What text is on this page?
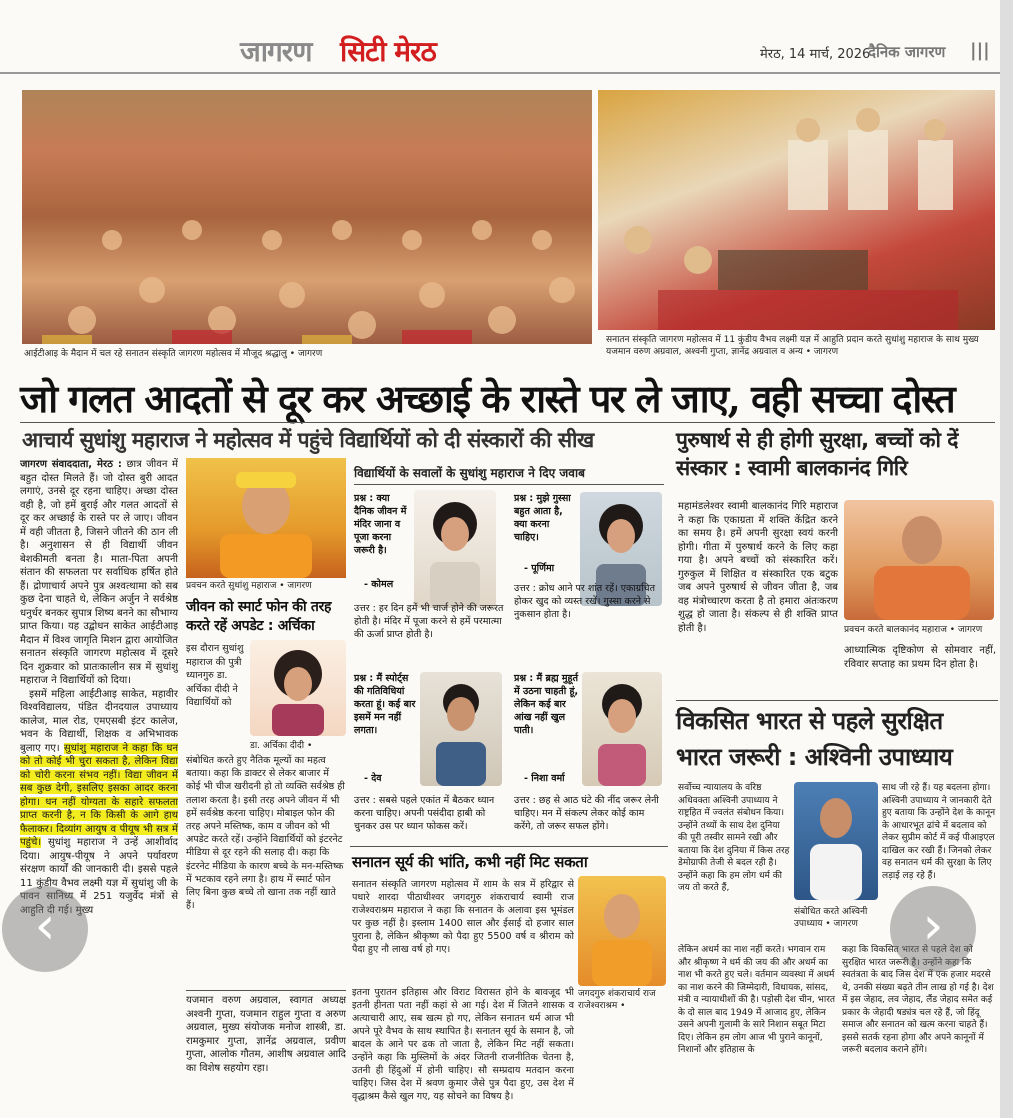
जागरण सिटी मेरठ	मेरठ, 14 मार्च, 2026
दैनिक जागरण |||
आईटीआइ के मैदान में चल रहे सनातन संस्कृति जागरण महोत्सव में मौजूद श्रद्धालु • जागरण
सनातन संस्कृति जागरण महोत्सव में 11 कुंडीय वैभव लक्ष्मी यज्ञ में आहुति प्रदान करते सुधांशु महाराज के साथ मुख्य यजमान वरुण अग्रवाल, अश्वनी गुप्ता, ज्ञानेंद्र अग्रवाल व अन्य • जागरण
जो गलत आदतों से दूर कर अच्छाई के रास्ते पर ले जाए, वही सच्चा दोस्त
आचार्य सुधांशु महाराज ने महोत्सव में पहुंचे विद्यार्थियों को दी संस्कारों की सीख
जागरण संवाददाता, मेरठ : छात्र जीवन में बहुत दोस्त मिलते हैं। जो दोस्त बुरी आदत लगाएं, उनसे दूर रहना चाहिए। अच्छा दोस्त वही है, जो हमें बुराई और गलत आदतों से दूर कर अच्छाई के रास्ते पर ले जाए। जीवन में वही जीतता है, जिसने जीतने की ठान ली है। अनुशासन से ही विद्यार्थी जीवन बेशकीमती बनता है। माता-पिता अपनी संतान की सफलता पर सर्वाधिक हर्षित होते हैं। द्रोणाचार्य अपने पुत्र अश्वत्थामा को सब कुछ देना चाहते थे, लेकिन अर्जुन ने सर्वश्रेष्ठ धनुर्धर बनकर सुपात्र शिष्य बनने का सौभाग्य प्राप्त किया। यह उद्बोधन साकेत आईटीआइ मैदान में विश्व जागृति मिशन द्वारा आयोजित सनातन संस्कृति जागरण महोत्सव में दूसरे दिन शुक्रवार को प्रातःकालीन सत्र में सुधांशु महाराज ने विद्यार्थियों को दिया।
इसमें महिला आईटीआइ साकेत, महावीर विश्वविद्यालय, पंडित दीनदयाल उपाध्याय कालेज, माल रोड, एमएसबी इंटर कालेज, भवन के विद्यार्थी, शिक्षक व अभिभावक बुलाए गए। सुधांशु महाराज ने कहा कि धन को तो कोई भी चुरा सकता है, लेकिन विद्या को चोरी करना संभव नहीं। विद्या जीवन में सब कुछ देगी, इसलिए इसका आदर करना होगा। धन नहीं योग्यता के सहारे सफलता प्राप्त करनी है, न कि किसी के आगे हाथ फैलाकर। दिव्यांग आयुष व पीयूष भी सत्र में पहुंचे। सुधांशु महाराज ने उन्हें आशीर्वाद दिया। आयुष-पीयूष ने अपने पर्यावरण संरक्षण कार्यों की जानकारी दी। इससे पहले 11 कुंडीय वैभव लक्ष्मी यज्ञ में सुधांशु जी के पावन सानिध्य में 251 यजुर्वेद मंत्रों से आहुति दी गई। मुख्य
प्रवचन करते सुधांशु महाराज • जागरण
जीवन को स्मार्ट फोन की तरह करते रहें अपडेट : अर्चिका
इस दौरान सुधांशु महाराज की पुत्री ध्यानगुरु डा. अर्चिका दीदी ने विद्यार्थियों को
डा. अर्चिका दीदी •
संबोधित करते हुए नैतिक मूल्यों का महत्व बताया। कहा कि डाक्टर से लेकर बाजार में कोई भी चीज खरीदनी हो तो व्यक्ति सर्वश्रेष्ठ ही तलाश करता है। इसी तरह अपने जीवन में भी हमें सर्वश्रेष्ठ करना चाहिए। मोबाइल फोन की तरह अपने मस्तिष्क, काम व जीवन को भी अपडेट करते रहें। उन्होंने विद्यार्थियों को इंटरनेट मीडिया से दूर रहने की सलाह दी। कहा कि इंटरनेट मीडिया के कारण बच्चे के मन-मस्तिष्क में भटकाव रहने लगा है। हाथ में स्मार्ट फोन लिए बिना कुछ बच्चे तो खाना तक नहीं खाते हैं।
यजमान वरुण अग्रवाल, स्वागत अध्यक्ष अश्वनी गुप्ता, यजमान राहुल गुप्ता व अरुण अग्रवाल, मुख्य संयोजक मनोज शास्त्री, डा. रामकुमार गुप्ता, ज्ञानेंद्र अग्रवाल, प्रवीण गुप्ता, आलोक गौतम, आशीष अग्रवाल आदि का विशेष सहयोग रहा।
विद्यार्थियों के सवालों के सुधांशु महाराज ने दिए जवाब
प्रश्न : क्या दैनिक जीवन में मंदिर जाना व पूजा करना जरूरी है।
- कोमल
उत्तर : हर दिन हमें भी चार्ज होने की जरूरत होती है। मंदिर में पूजा करने से हमें परमात्मा की ऊर्जा प्राप्त होती है।
प्रश्न : मुझे गुस्सा बहुत आता है, क्या करना चाहिए।
- पूर्णिमा
उत्तर : क्रोध आने पर शांत रहें। एकाग्रचित होकर खुद को व्यस्त रखें। गुस्सा करने से नुकसान होता है।
प्रश्न : मैं स्पोर्ट्स की गतिविधियां करता हूं। कई बार इसमें मन नहीं लगता।
- देव
उत्तर : सबसे पहले एकांत में बैठकर ध्यान करना चाहिए। अपनी पसंदीदा हाबी को चुनकर उस पर ध्यान फोकस करें।
प्रश्न : मैं ब्रह्म मुहूर्त में उठना चाहती हूं, लेकिन कई बार आंख नहीं खुल पाती।
- निशा वर्मा
उत्तर : छह से आठ घंटे की नींद जरूर लेनी चाहिए। मन में संकल्प लेकर कोई काम करेंगे, तो जरूर सफल होंगे।
सनातन सूर्य की भांति, कभी नहीं मिट सकता
सनातन संस्कृति जागरण महोत्सव में शाम के सत्र में हरिद्वार से पधारे शारदा पीठाधीश्वर जगदगुरु शंकराचार्य स्वामी राज राजेश्वराश्रम महाराज ने कहा कि सनातन के अलावा इस भूमंडल पर कुछ नहीं है। इस्लाम 1400 साल और ईसाई दो हजार साल पुराना है, लेकिन श्रीकृष्ण को पैदा हुए 5500 वर्ष व श्रीराम को पैदा हुए नौ लाख वर्ष हो गए।
इतना पुरातन इतिहास और विराट विरासत होने के बावजूद भी इतनी हीनता पता नहीं कहां से आ गई। देश में जितने शासक व अत्याचारी आए, सब खत्म हो गए, लेकिन सनातन धर्म आज भी अपने पूरे वैभव के साथ स्थापित है। सनातन सूर्य के समान है, जो बादल के आने पर ढक तो जाता है, लेकिन मिट नहीं सकता। उन्होंने कहा कि मुस्लिमों के अंदर जितनी राजनीतिक चेतना है, उतनी ही हिंदुओं में होनी चाहिए। सौ सम्प्रदाय मतदान करना चाहिए। जिस देश में श्रवण कुमार जैसे पुत्र पैदा हुए, उस देश में वृद्धाश्रम कैसे खुल गए, यह सोचने का विषय है।
जगदगुरु शंकराचार्य राज राजेश्वराश्रम •
पुरुषार्थ से ही होगी सुरक्षा, बच्चों को दें संस्कार : स्वामी बालकानंद गिरि
महामंडलेश्वर स्वामी बालकानंद गिरि महाराज ने कहा कि एकाग्रता में शक्ति केंद्रित करने का समय है। हमें अपनी सुरक्षा स्वयं करनी होगी। गीता में पुरुषार्थ करने के लिए कहा गया है। अपने बच्चों को संस्कारित करें। गुरुकुल में शिक्षित व संस्कारित एक बटुक जब अपने पुरुषार्थ से जीवन जीता है, जब वह मंत्रोच्चारण करता है तो हमारा अंतःकरण शुद्ध हो जाता है। संकल्प से ही शक्ति प्राप्त होती है।	प्रवचन करते बालकानंद महाराज • जागरण
आध्यात्मिक दृष्टिकोण से सोमवार नहीं, रविवार सप्ताह का प्रथम दिन होता है।
विकसित भारत से पहले सुरक्षित
भारत जरूरी : अश्विनी उपाध्याय
सर्वोच्च न्यायालय के वरिष्ठ अधिवक्ता अश्विनी उपाध्याय ने राष्ट्रहित में ज्वलंत संबोधन किया। उन्होंने तथ्यों के साथ देश दुनिया की पूरी तस्वीर सामने रखी और बताया कि देश दुनिया में किस तरह डेमोग्राफी तेजी से बदल रही है। उन्होंने कहा कि हम लोग धर्म की जय तो करते हैं,
संबोधित करते अश्विनी उपाध्याय • जागरण
साथ जी रहे हैं। यह बदलना होगा। अश्विनी उपाध्याय ने जानकारी देते हुए बताया कि उन्होंने देश के कानून के आधारभूत ढांचे में बदलाव को लेकर सुप्रीम कोर्ट में कई पीआइएल दाखिल कर रखी हैं। जिनको लेकर वह सनातन धर्म की सुरक्षा के लिए लड़ाई लड़ रहे हैं।
लेकिन अधर्म का नाश नहीं करते। भगवान राम और श्रीकृष्ण ने धर्म की जय की और अधर्म का नाश भी करते हुए चले। वर्तमान व्यवस्था में अधर्म का नाश करने की जिम्मेदारी, विधायक, सांसद, मंत्री व न्यायाधीशों की है। पड़ोसी देश चीन, भारत के दो साल बाद 1949 में आजाद हुए, लेकिन उसने अपनी गुलामी के सारे निशान सबूत मिटा दिए। लेकिन हम लोग आज भी पुराने कानूनों, निशानों और इतिहास के
कहा कि विकसित भारत से पहले देश को सुरक्षित भारत जरूरी है। उन्होंने कहा कि स्वतंत्रता के बाद जिस देश में एक हजार मदरसे थे, उनकी संख्या बढ़ते तीन लाख हो गई है। देश में इस जेहाद, लव जेहाद, लैंड जेहाद समेत कई प्रकार के जेहादी षड्यंत्र चल रहे हैं, जो हिंदू समाज और सनातन को खत्म करना चाहते हैं। इससे सतर्क रहना होगा और अपने कानूनों में जरूरी बदलाव कराने होंगे।
‹	›
